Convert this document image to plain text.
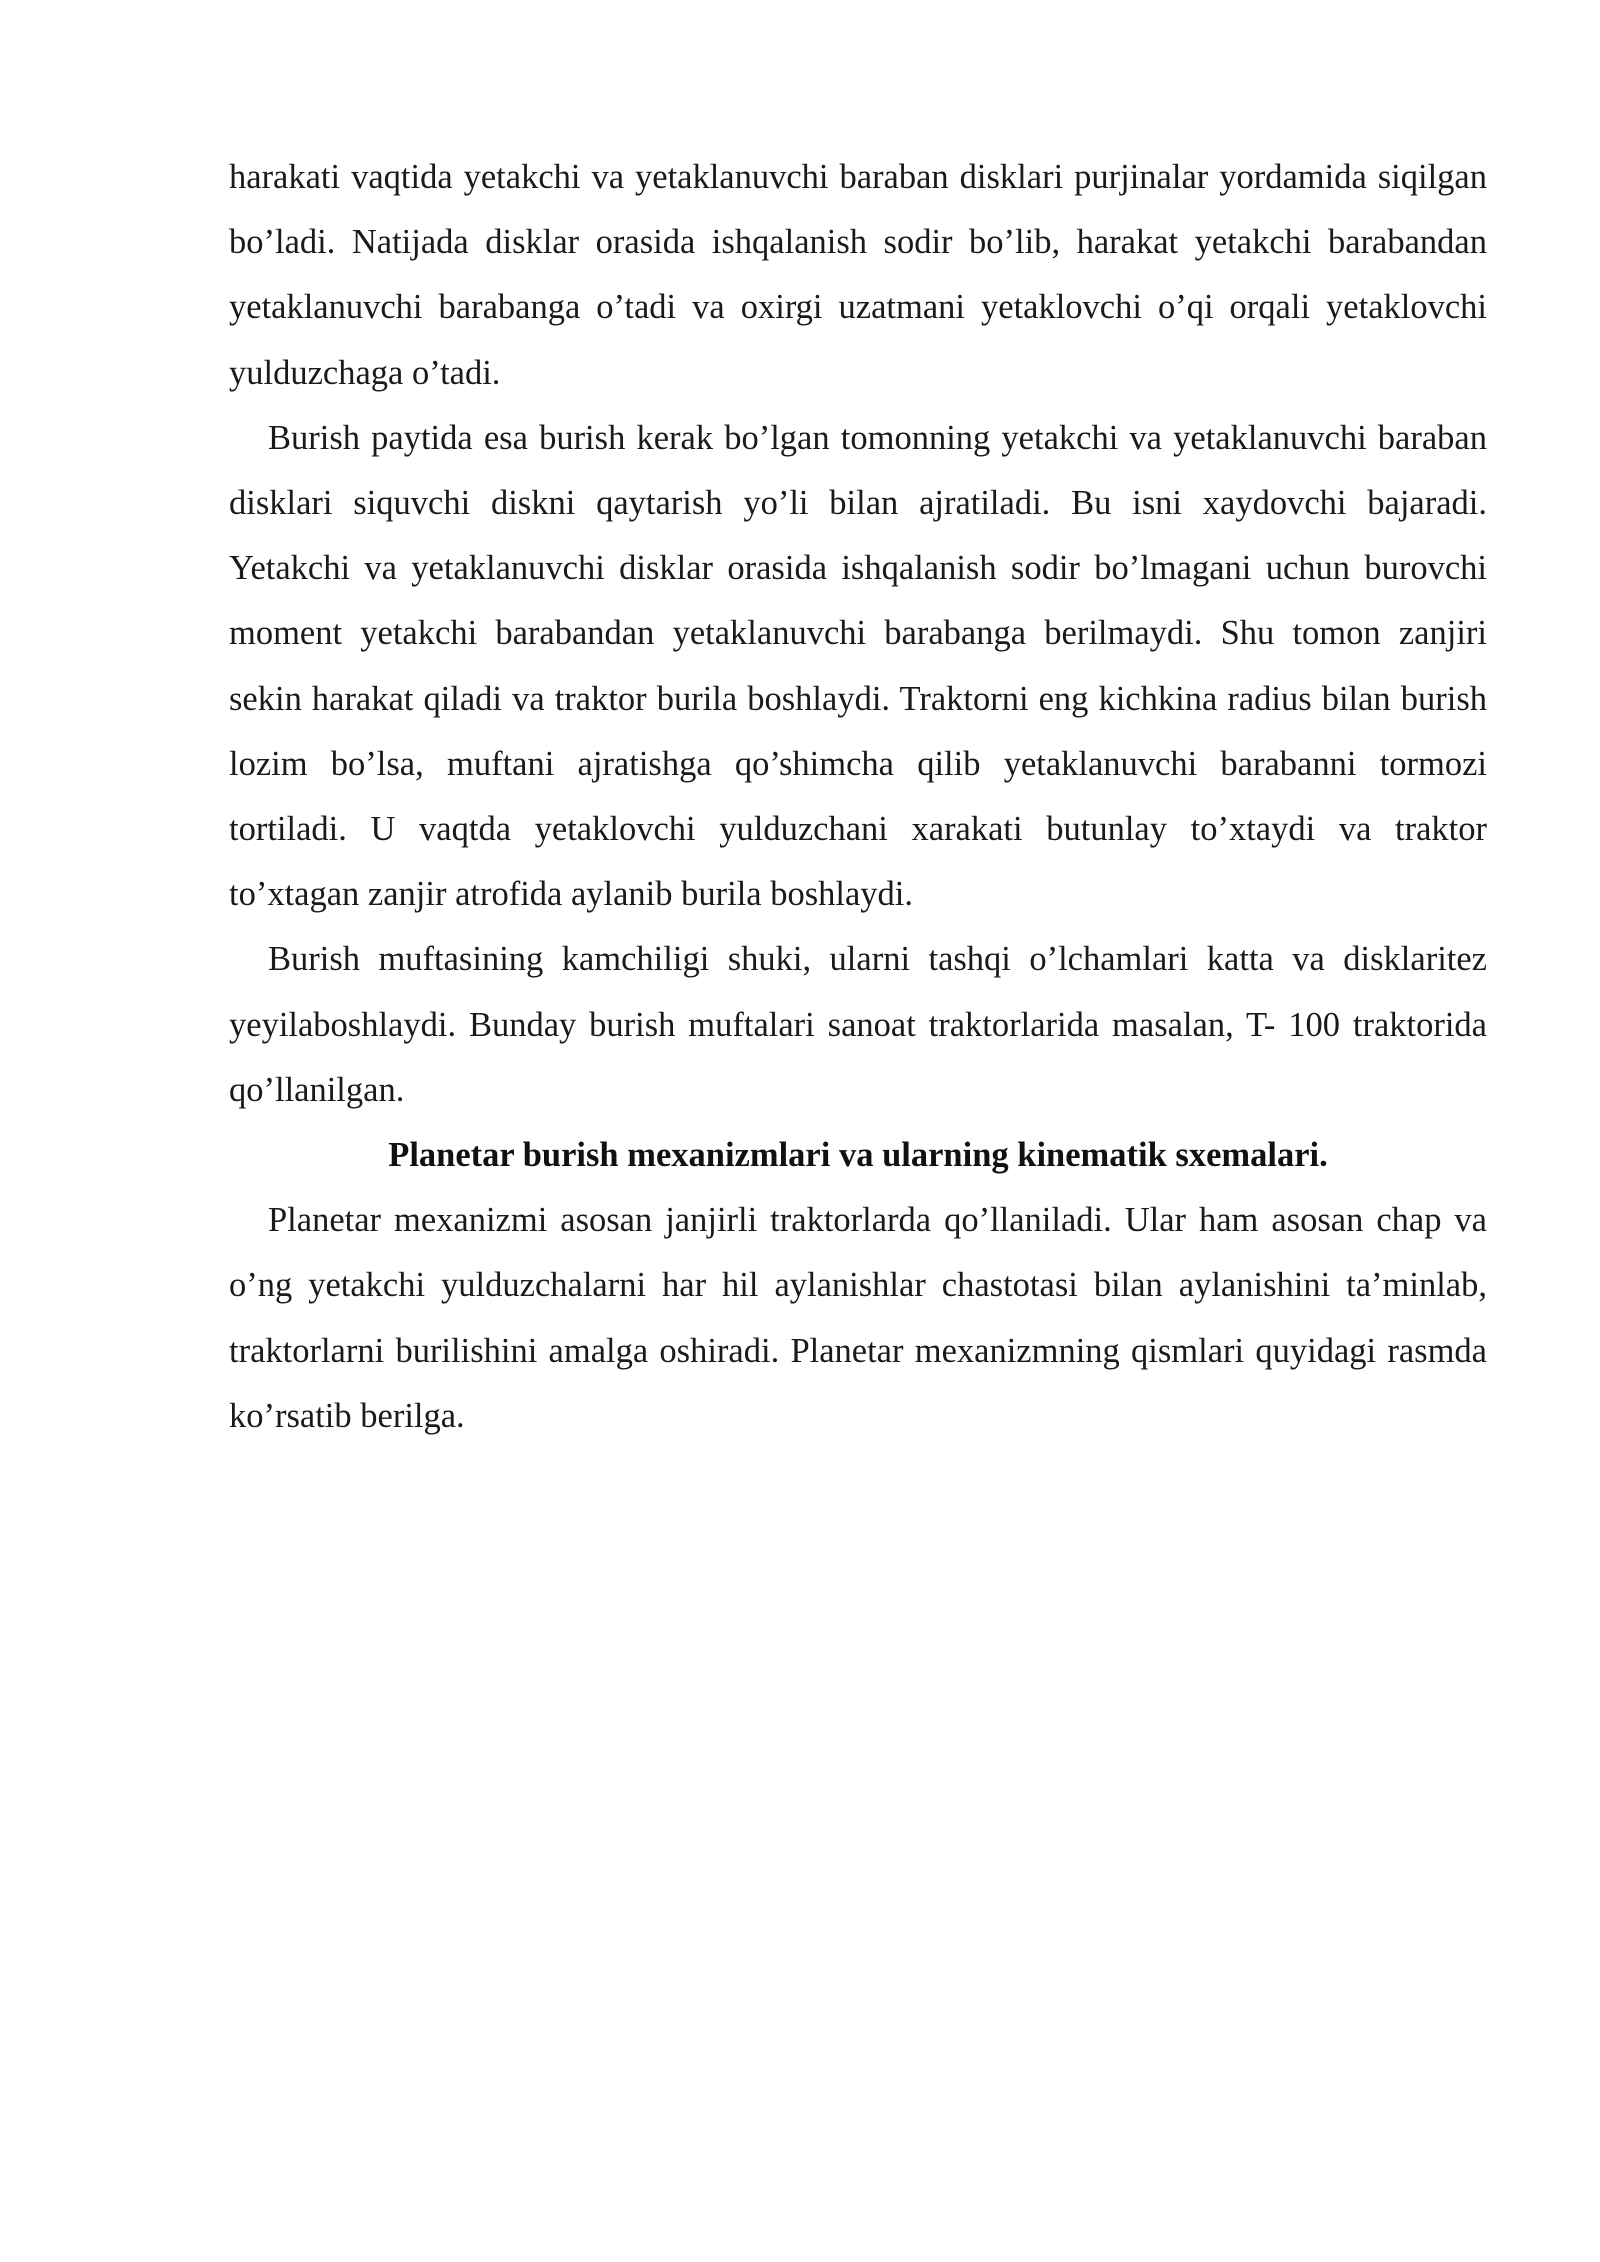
harakati vaqtida yetakchi va yetaklanuvchi baraban disklari purjinalar yordamida siqilgan bo’ladi. Natijada disklar orasida ishqalanish sodir bo’lib, harakat yetakchi barabandan yetaklanuvchi barabanga o’tadi va oxirgi uzatmani yetaklovchi o’qi orqali yetaklovchi yulduzchaga o’tadi.

Burish paytida esa burish kerak bo’lgan tomonning yetakchi va yetaklanuvchi baraban disklari siquvchi diskni qaytarish yo’li bilan ajratiladi. Bu isni xaydovchi bajaradi. Yetakchi va yetaklanuvchi disklar orasida ishqalanish sodir bo’lmagani uchun burovchi moment yetakchi barabandan yetaklanuvchi barabanga berilmaydi. Shu tomon zanjiri sekin harakat qiladi va traktor burila boshlaydi. Traktorni eng kichkina radius bilan burish lozim bo’lsa, muftani ajratishga qo’shimcha qilib yetaklanuvchi barabanni tormozi tortiladi. U vaqtda yetaklovchi yulduzchani xarakati butunlay to’xtaydi va traktor to’xtagan zanjir atrofida aylanib burila boshlaydi.

Burish muftasining kamchiligi shuki, ularni tashqi o’lchamlari katta va disklaritez yeyilaboshlaydi. Bunday burish muftalari sanoat traktorlarida masalan, T- 100 traktorida qo’llanilgan.

Planetar burish mexanizmlari va ularning kinematik sxemalari.

Planetar mexanizmi asosan janjirli traktorlarda qo’llaniladi. Ular ham asosan chap va o’ng yetakchi yulduzchalarni har hil aylanishlar chastotasi bilan aylanishini ta’minlab, traktorlarni burilishini amalga oshiradi. Planetar mexanizmning qismlari quyidagi rasmda ko’rsatib berilga.
